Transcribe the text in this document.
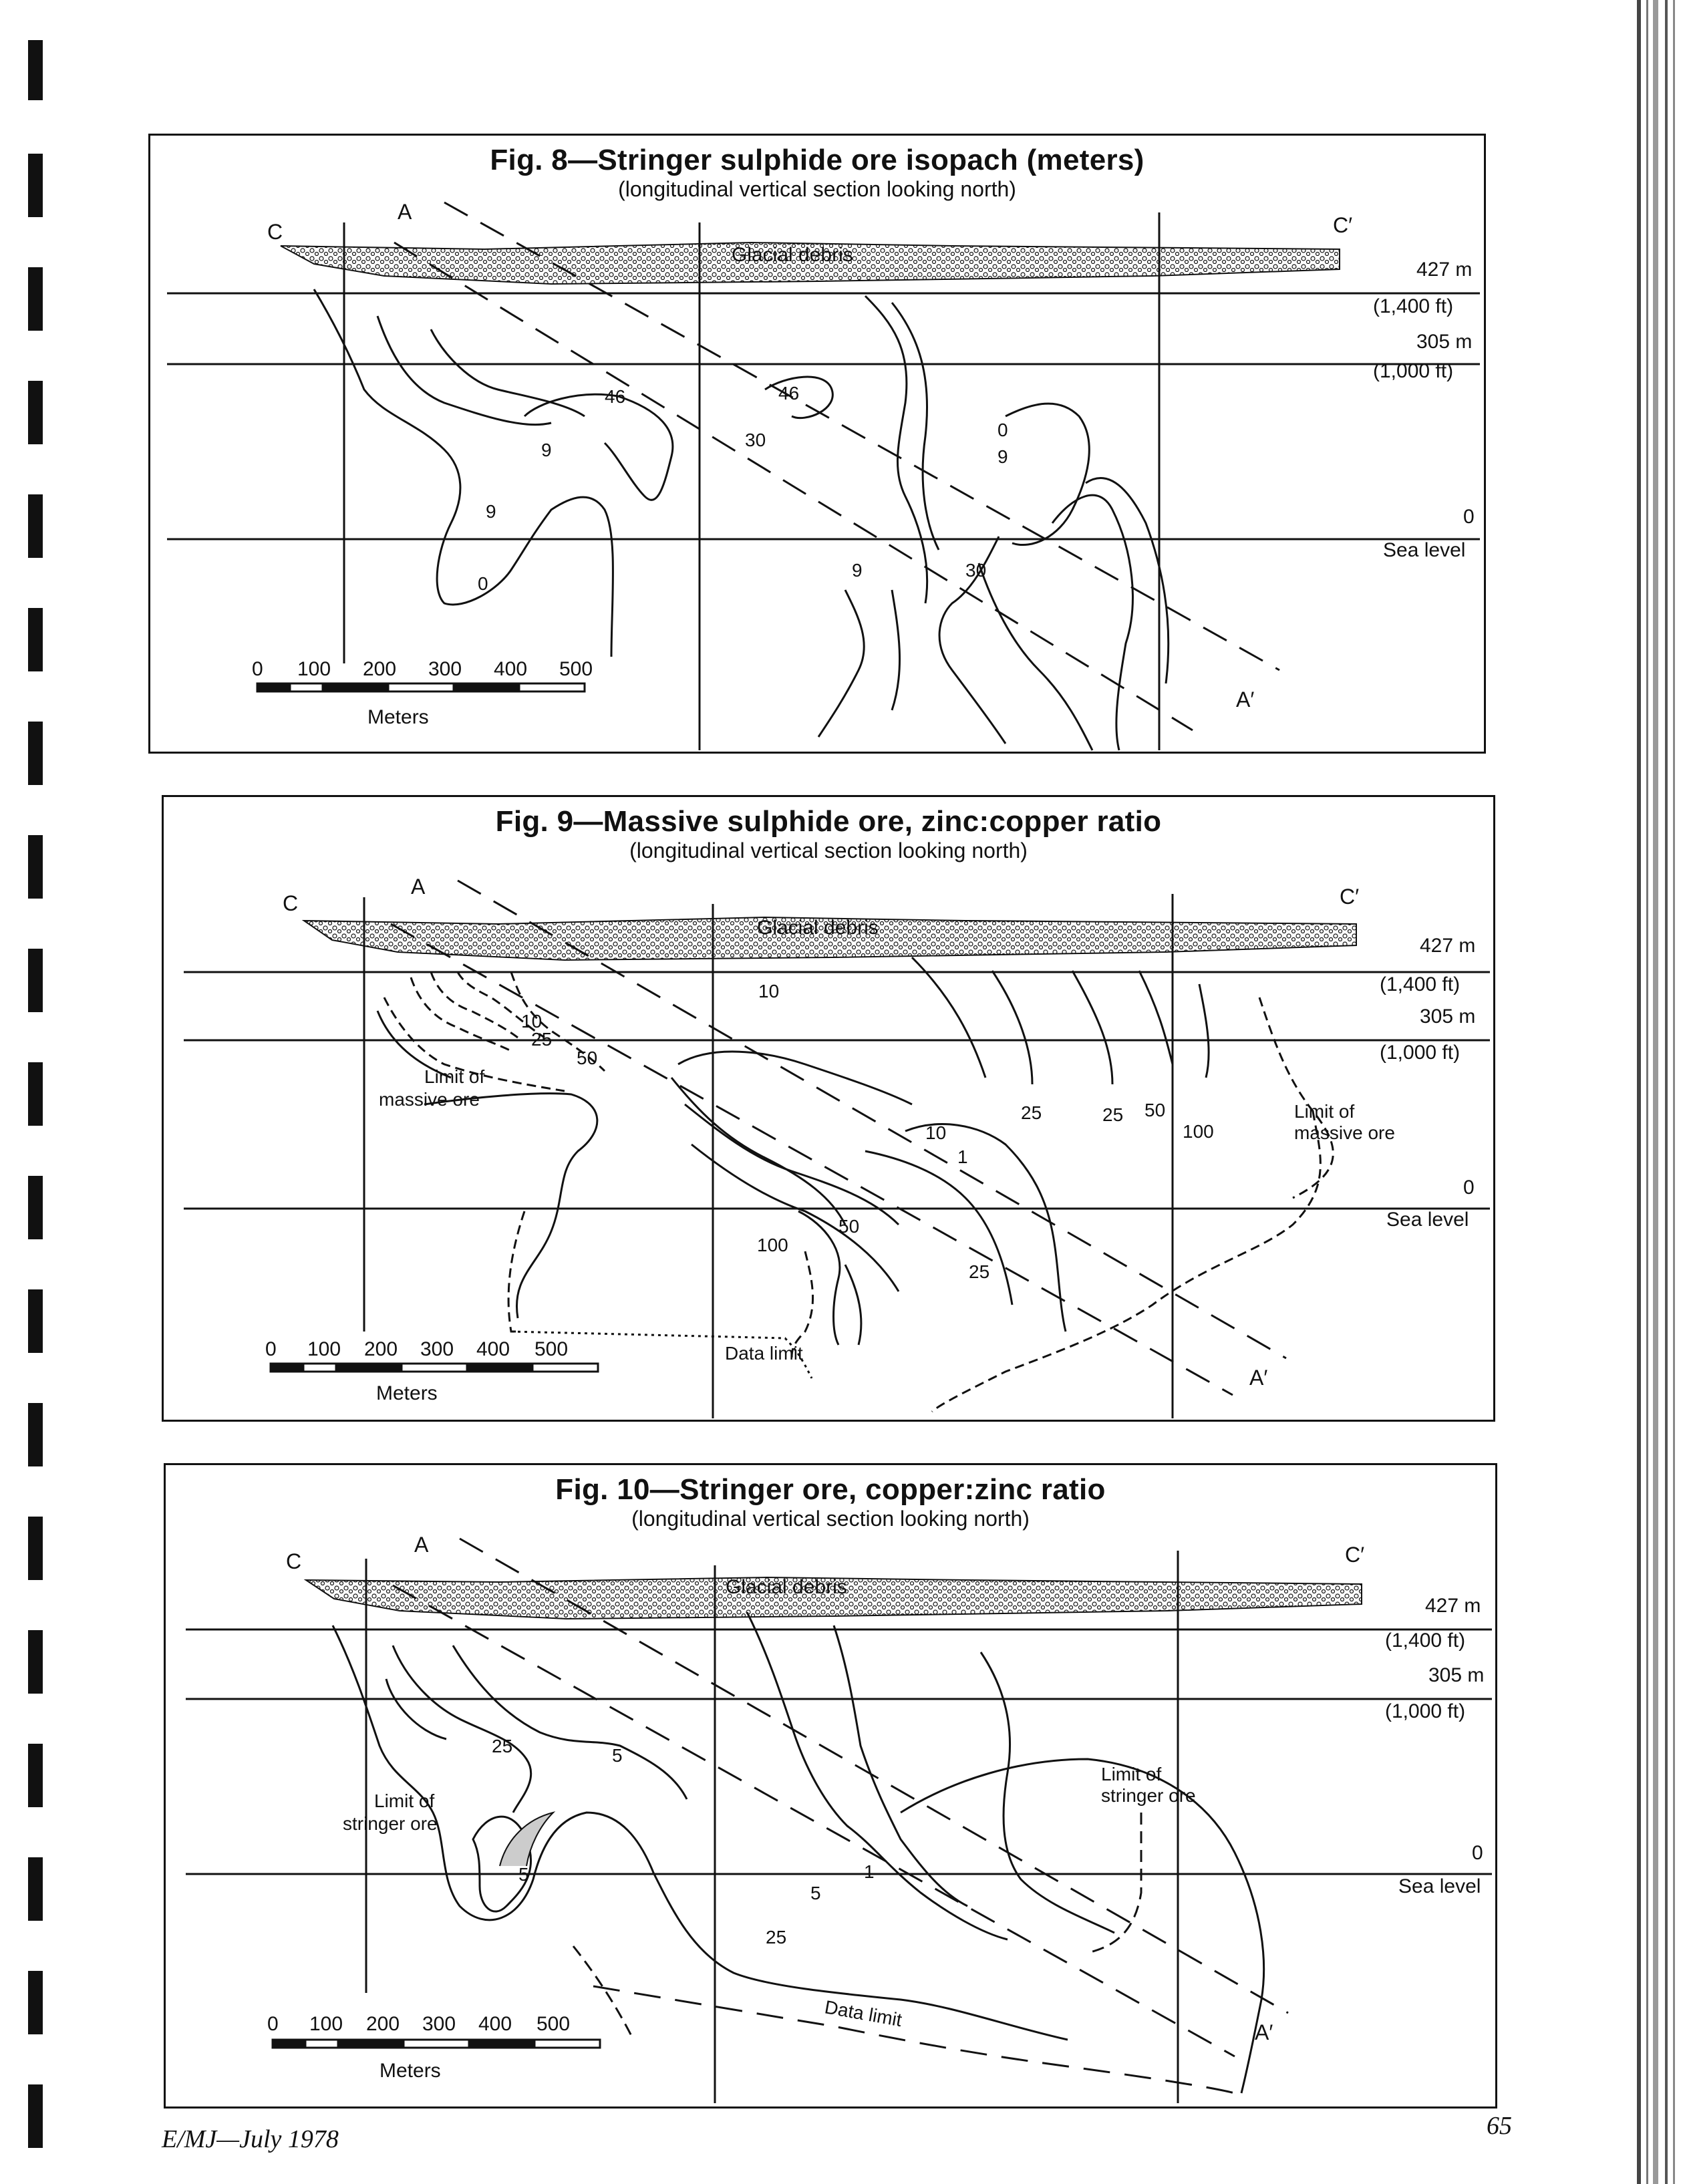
C	C′
A
A′
Glacial debris
427 m
(1,400 ft)
305 m
(1,000 ft)
0
Sea level
0 100 200 300 400 500
Meters
46	46
30
9
9
0
0
9
9	30
Fig. 8—Stringer sulphide ore isopach (meters)
(longitudinal vertical section looking north)
C	C′
A
A′
Glacial debris
427 m
(1,400 ft)
305 m
(1,000 ft)
0
Sea level
0 100 200 300 400 500
Meters
10
10
25
50
25	25 50
100
10
1
50
100
25
Limit of
massive ore
Limit of
massive ore
Data limit
Fig. 9—Massive sulphide ore, zinc:copper ratio
(longitudinal vertical section looking north)
C	C′
A
A′
Glacial debris
427 m
(1,400 ft)
305 m
(1,000 ft)
0
Sea level
0 100 200 300 400 500
Meters
25	5
5	1
5
25
Limit of
stringer ore
Limit of
stringer ore
Data limit
Fig. 10—Stringer ore, copper:zinc ratio
(longitudinal vertical section looking north)
E/MJ—July 1978	65
